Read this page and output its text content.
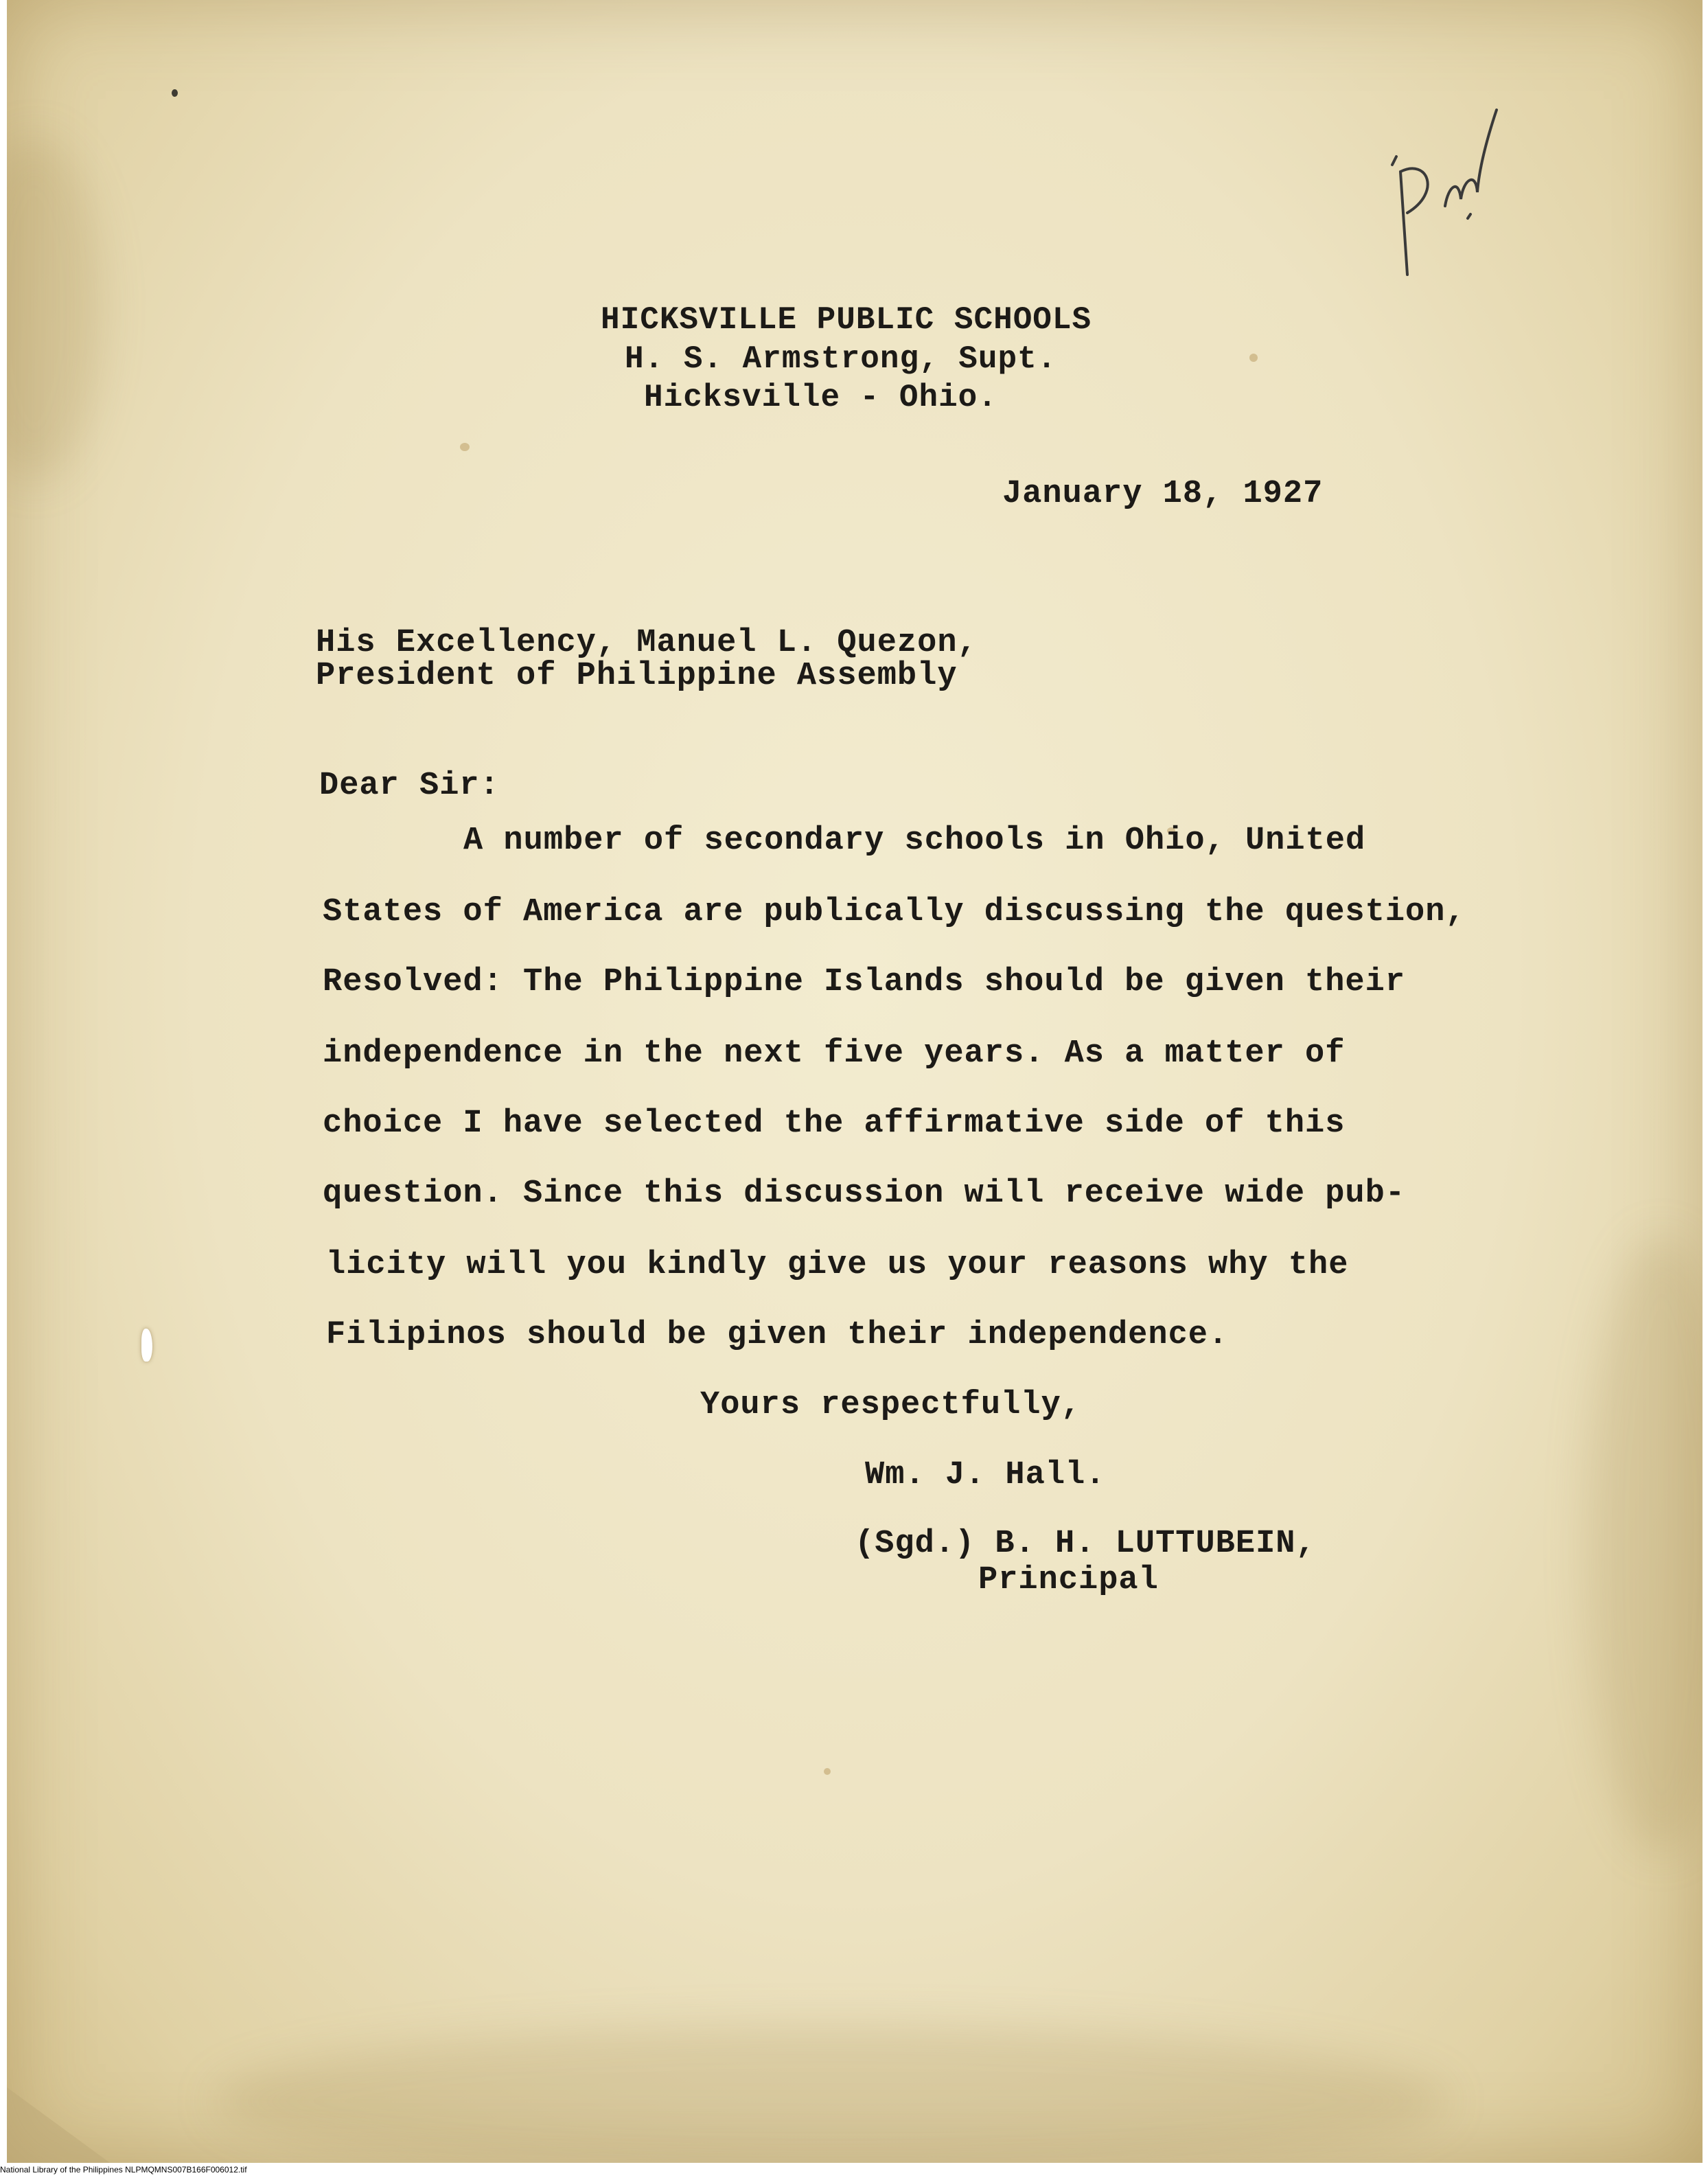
HICKSVILLE PUBLIC SCHOOLS
H. S. Armstrong, Supt.
Hicksville - Ohio.
January 18, 1927
His Excellency, Manuel L. Quezon,
President of Philippine Assembly
Dear Sir:
A number of secondary schools in Ohio, United
States of America are publically discussing the question,
Resolved: The Philippine Islands should be given their
independence in the next five years. As a matter of
choice I have selected the affirmative side of this
question. Since this discussion will receive wide pub-
licity will you kindly give us your reasons why the
Filipinos should be given their independence.
Yours respectfully,
Wm. J. Hall.
(Sgd.) B. H. LUTTUBEIN,
Principal
National Library of the Philippines NLPMQMNS007B166F006012.tif
